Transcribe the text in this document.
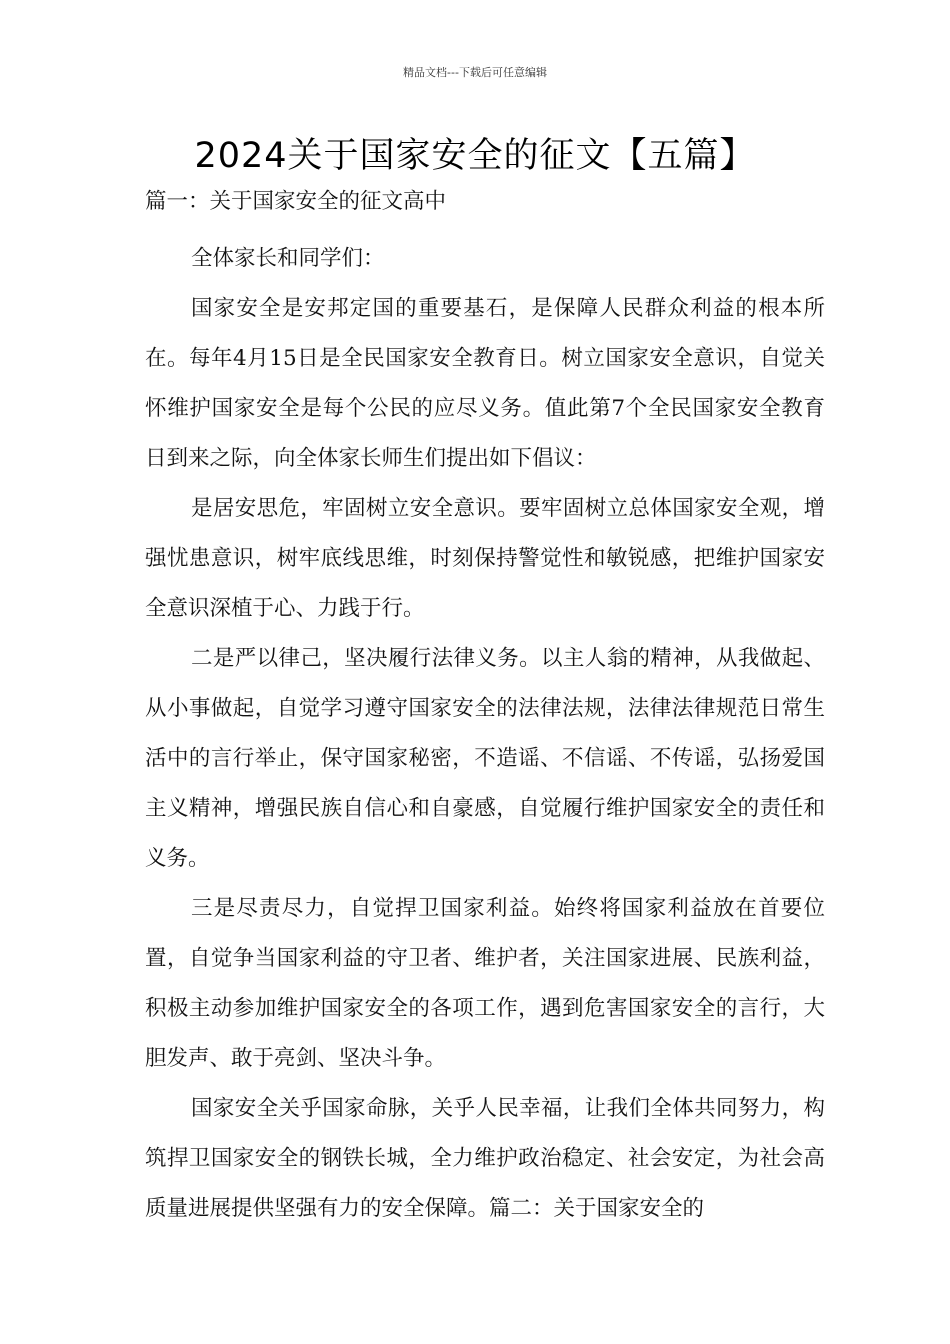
精品文档---下载后可任意编辑
2024关于国家安全的征文【五篇】

篇一：关于国家安全的征文高中

全体家长和同学们：

国家安全是安邦定国的重要基石，是保障人民群众利益的根本所在。每年4月15日是全民国家安全教育日。树立国家安全意识，自觉关怀维护国家安全是每个公民的应尽义务。值此第7个全民国家安全教育日到来之际，向全体家长师生们提出如下倡议：

是居安思危，牢固树立安全意识。要牢固树立总体国家安全观，增强忧患意识，树牢底线思维，时刻保持警觉性和敏锐感，把维护国家安全意识深植于心、力践于行。

二是严以律己，坚决履行法律义务。以主人翁的精神，从我做起、从小事做起，自觉学习遵守国家安全的法律法规，法律法律规范日常生活中的言行举止，保守国家秘密，不造谣、不信谣、不传谣，弘扬爱国主义精神，增强民族自信心和自豪感，自觉履行维护国家安全的责任和义务。

三是尽责尽力，自觉捍卫国家利益。始终将国家利益放在首要位置，自觉争当国家利益的守卫者、维护者，关注国家进展、民族利益，积极主动参加维护国家安全的各项工作，遇到危害国家安全的言行，大胆发声、敢于亮剑、坚决斗争。

国家安全关乎国家命脉，关乎人民幸福，让我们全体共同努力，构筑捍卫国家安全的钢铁长城，全力维护政治稳定、社会安定，为社会高质量进展提供坚强有力的安全保障。篇二：关于国家安全的
